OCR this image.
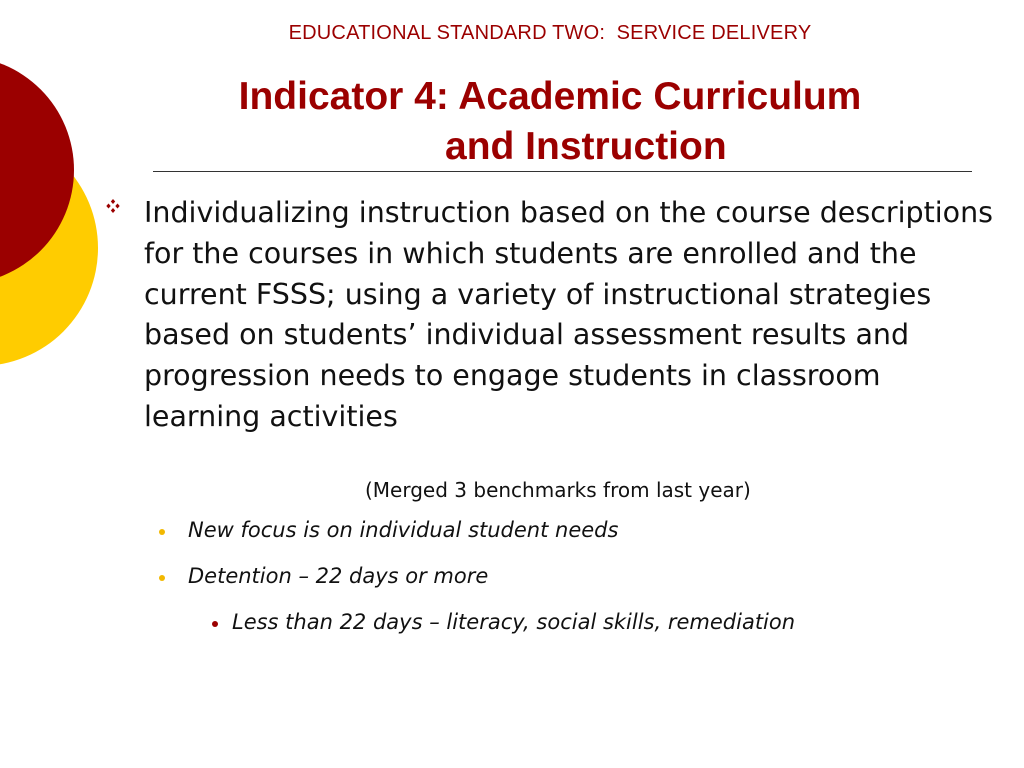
EDUCATIONAL STANDARD TWO:  SERVICE DELIVERY
Indicator 4: Academic Curriculum
and Instruction
Individualizing instruction based on the course descriptions for the courses in which students are enrolled and the current FSSS; using a variety of instructional strategies based on students’ individual assessment results and progression needs to engage students in classroom learning activities
(Merged 3 benchmarks from last year)
New focus is on individual student needs
Detention – 22 days or more
Less than 22 days – literacy, social skills, remediation
